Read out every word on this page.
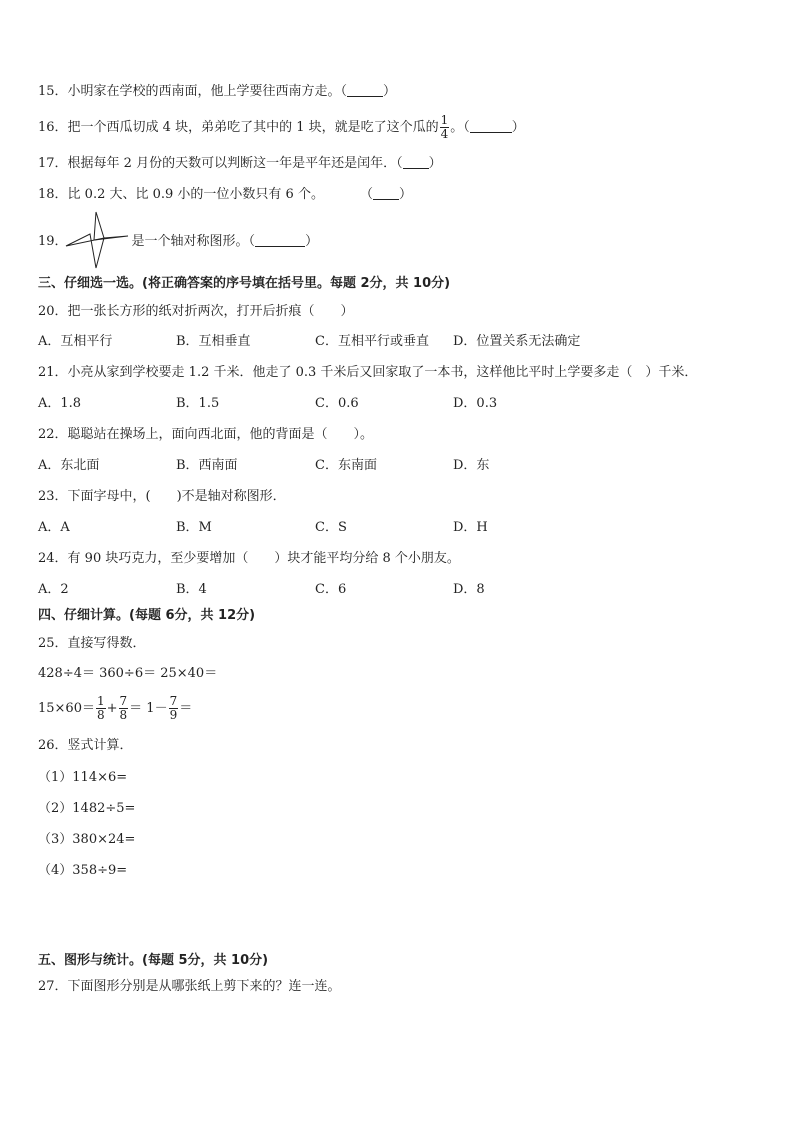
15．小明家在学校的西南面，他上学要往西南方走。（	）
16．把一个西瓜切成 4 块，弟弟吃了其中的 1 块，就是吃了这个瓜的 $\frac{1}{4}$ 。（	）
17．根据每年 2 月份的天数可以判断这一年是平年还是闰年．（ ）
18．比 0.2 大、比 0.9 小的一位小数只有 6 个。	（ ）
19．	是一个轴对称图形。（	）
三、仔细选一选。(将正确答案的序号填在括号里。每题 2分，共 10分)
20．把一张长方形的纸对折两次，打开后折痕（　　）
A．互相平行	B．互相垂直	C．互相平行或垂直 D．位置关系无法确定
21．小亮从家到学校要走 1.2 千米．他走了 0.3 千米后又回家取了一本书，这样他比平时上学要多走（　）千米．
A．1.8	B．1.5	C．0.6	D．0.3
22．聪聪站在操场上，面向西北面，他的背面是（　　）。
A．东北面	B．西南面	C．东南面	D．东
23．下面字母中，(　　)不是轴对称图形．
A．A	B．M	C．S	D．H
24．有 90 块巧克力，至少要增加（　　）块才能平均分给 8 个小朋友。
A．2	B．4	C．6	D．8
四、仔细计算。(每题 6分，共 12分)
25．直接写得数．
428÷4＝ 360÷6＝ 25×40＝
$15\times 60= \frac{1}{8} + \frac{7}{8} = 1- \frac{7}{9}$ ＝
26．竖式计算．
（1）114×6=
（2）1482÷5=
（3）380×24=
（4）358÷9=
五、图形与统计。(每题 5分，共 10分)
27．下面图形分别是从哪张纸上剪下来的？连一连。
